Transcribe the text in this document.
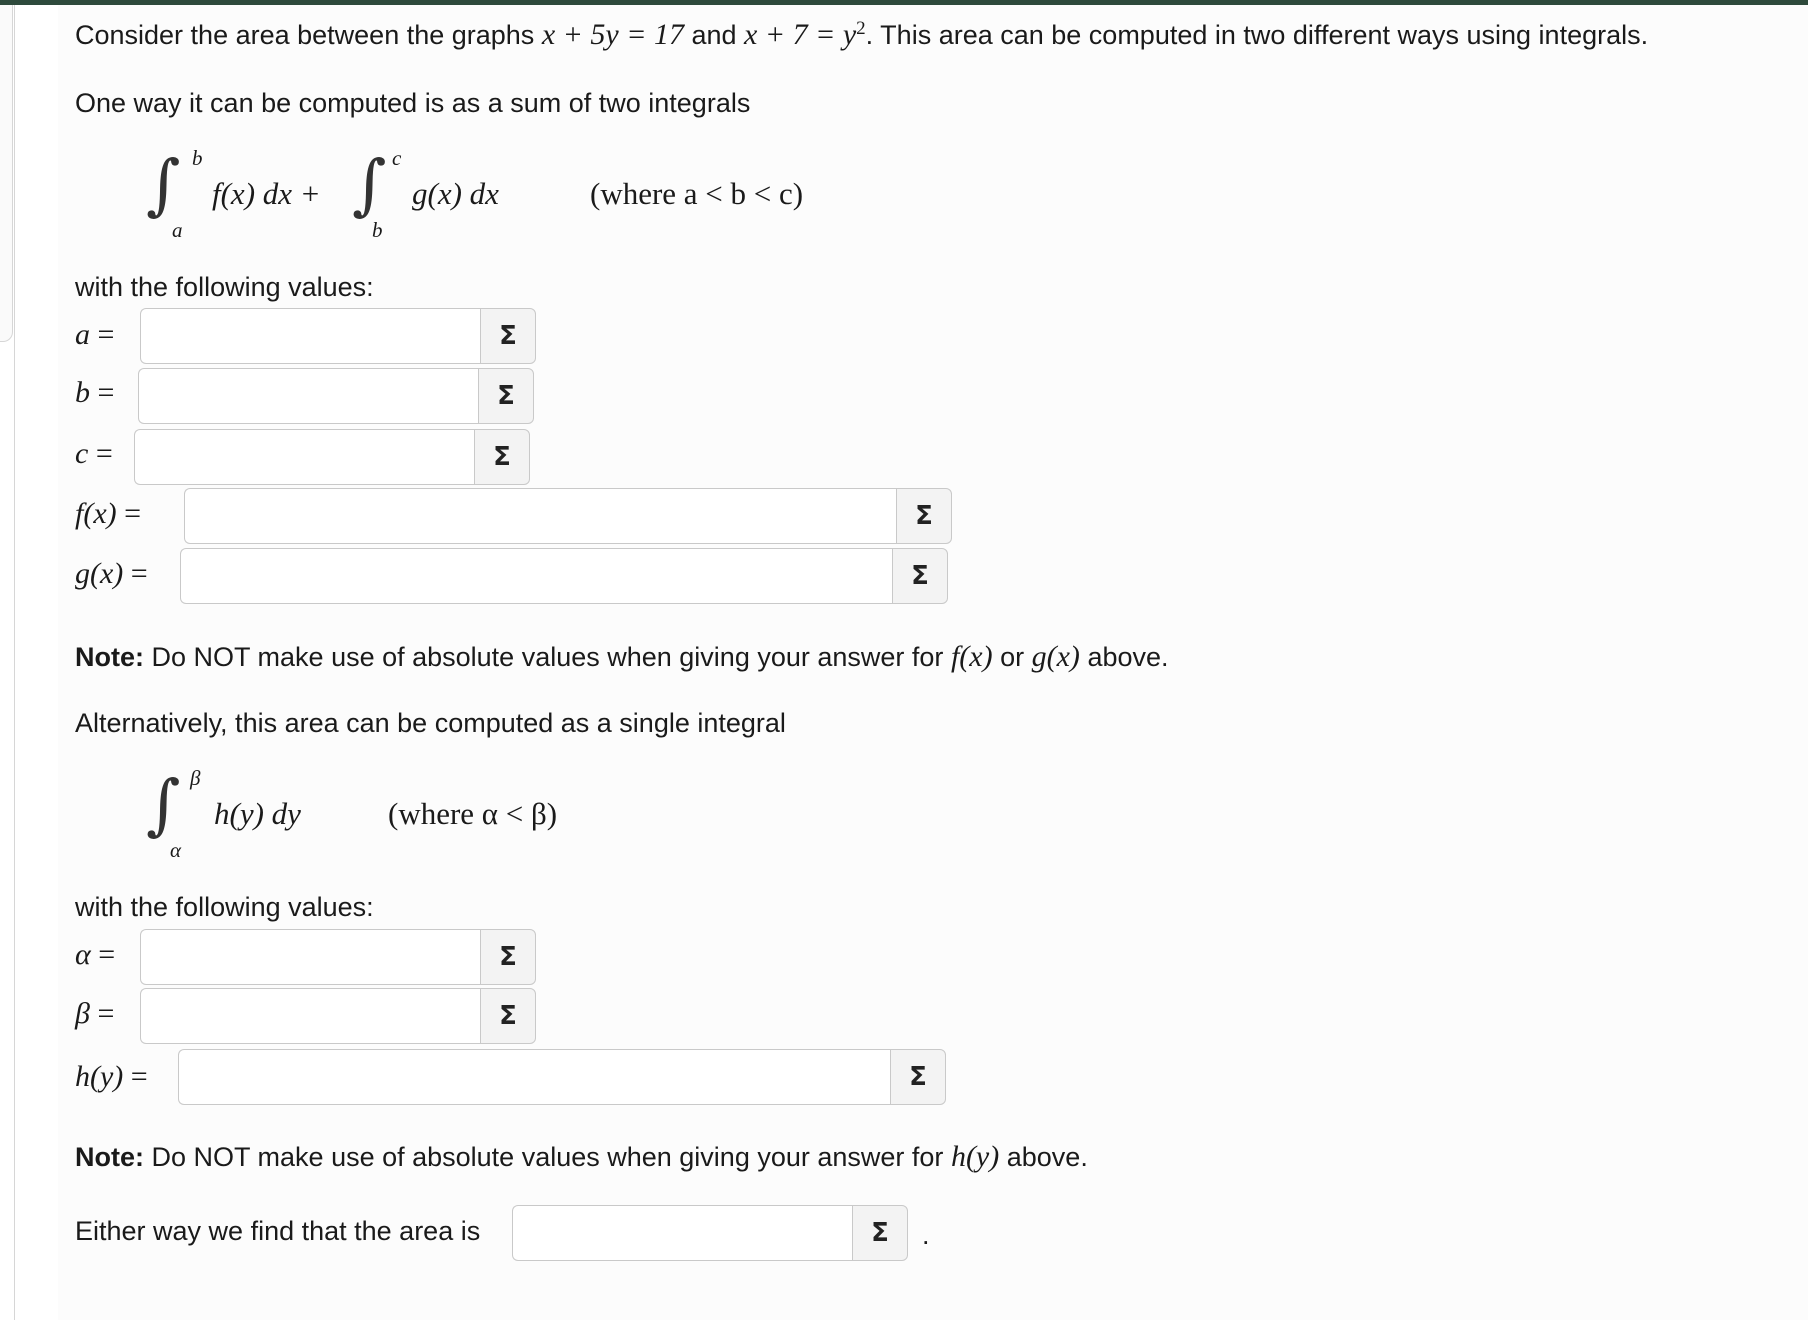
Consider the area between the graphs x + 5y = 17 and $x + 7 = y^2$. This area can be computed in two different ways using integrals.
One way it can be computed is as a sum of two integrals
∫ b
a
f(x) dx + ∫ c
b
g(x) dx	(where a < b < c)
with the following values:
a =	Σ
b =	Σ
c =	Σ
f(x) =	Σ
g(x) =	Σ
Note: Do NOT make use of absolute values when giving your answer for f(x) or g(x) above.
Alternatively, this area can be computed as a single integral
∫ β
α
h(y) dy	(where α < β)
with the following values:
α =	Σ
β =	Σ
h(y) =	Σ
Note: Do NOT make use of absolute values when giving your answer for h(y) above.
Either way we find that the area is	Σ	.
